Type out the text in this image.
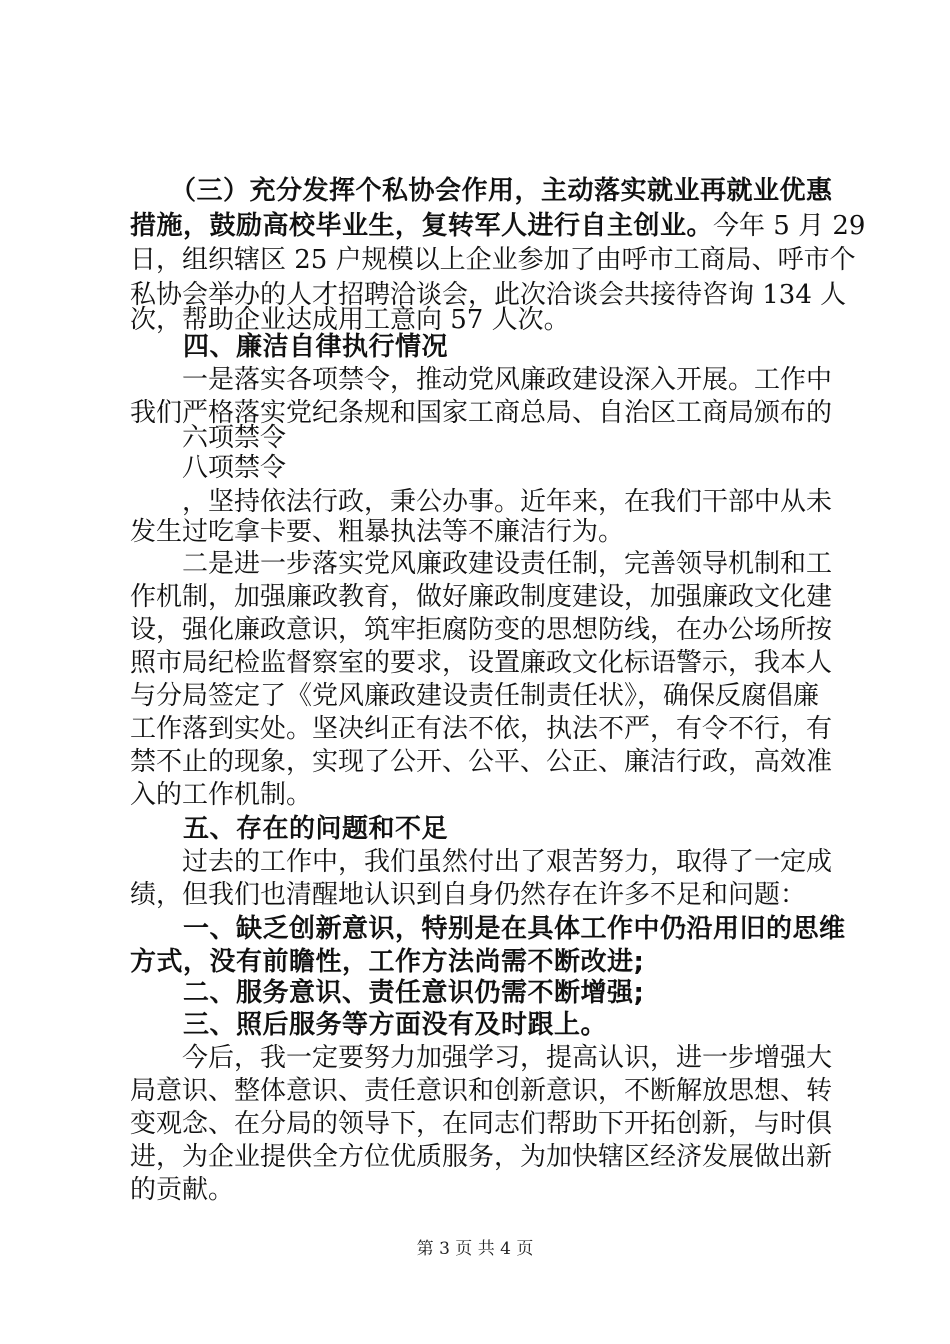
　　（三）充分发挥个私协会作用，主动落实就业再就业优惠
措施，鼓励高校毕业生，复转军人进行自主创业。今年 5 月 29
日，组织辖区 25 户规模以上企业参加了由呼市工商局、呼市个
私协会举办的人才招聘洽谈会，此次洽谈会共接待咨询 134 人
次，帮助企业达成用工意向 57 人次。
　　四、廉洁自律执行情况
　　一是落实各项禁令，推动党风廉政建设深入开展。工作中
我们严格落实党纪条规和国家工商总局、自治区工商局颁布的
　　六项禁令
　　八项禁令
　　，坚持依法行政，秉公办事。近年来，在我们干部中从未
发生过吃拿卡要、粗暴执法等不廉洁行为。
　　二是进一步落实党风廉政建设责任制，完善领导机制和工
作机制，加强廉政教育，做好廉政制度建设，加强廉政文化建
设，强化廉政意识，筑牢拒腐防变的思想防线，在办公场所按
照市局纪检监督察室的要求，设置廉政文化标语警示，我本人
与分局签定了《党风廉政建设责任制责任状》，确保反腐倡廉
工作落到实处。坚决纠正有法不依，执法不严，有令不行，有
禁不止的现象，实现了公开、公平、公正、廉洁行政，高效准
入的工作机制。
　　五、存在的问题和不足
　　过去的工作中，我们虽然付出了艰苦努力，取得了一定成
绩，但我们也清醒地认识到自身仍然存在许多不足和问题：
　　一、缺乏创新意识，特别是在具体工作中仍沿用旧的思维
方式，没有前瞻性，工作方法尚需不断改进;
　　二、服务意识、责任意识仍需不断增强;
　　三、照后服务等方面没有及时跟上。
　　今后，我一定要努力加强学习，提高认识，进一步增强大
局意识、整体意识、责任意识和创新意识，不断解放思想、转
变观念、在分局的领导下，在同志们帮助下开拓创新，与时俱
进，为企业提供全方位优质服务，为加快辖区经济发展做出新
的贡献。
第 3 页 共 4 页
